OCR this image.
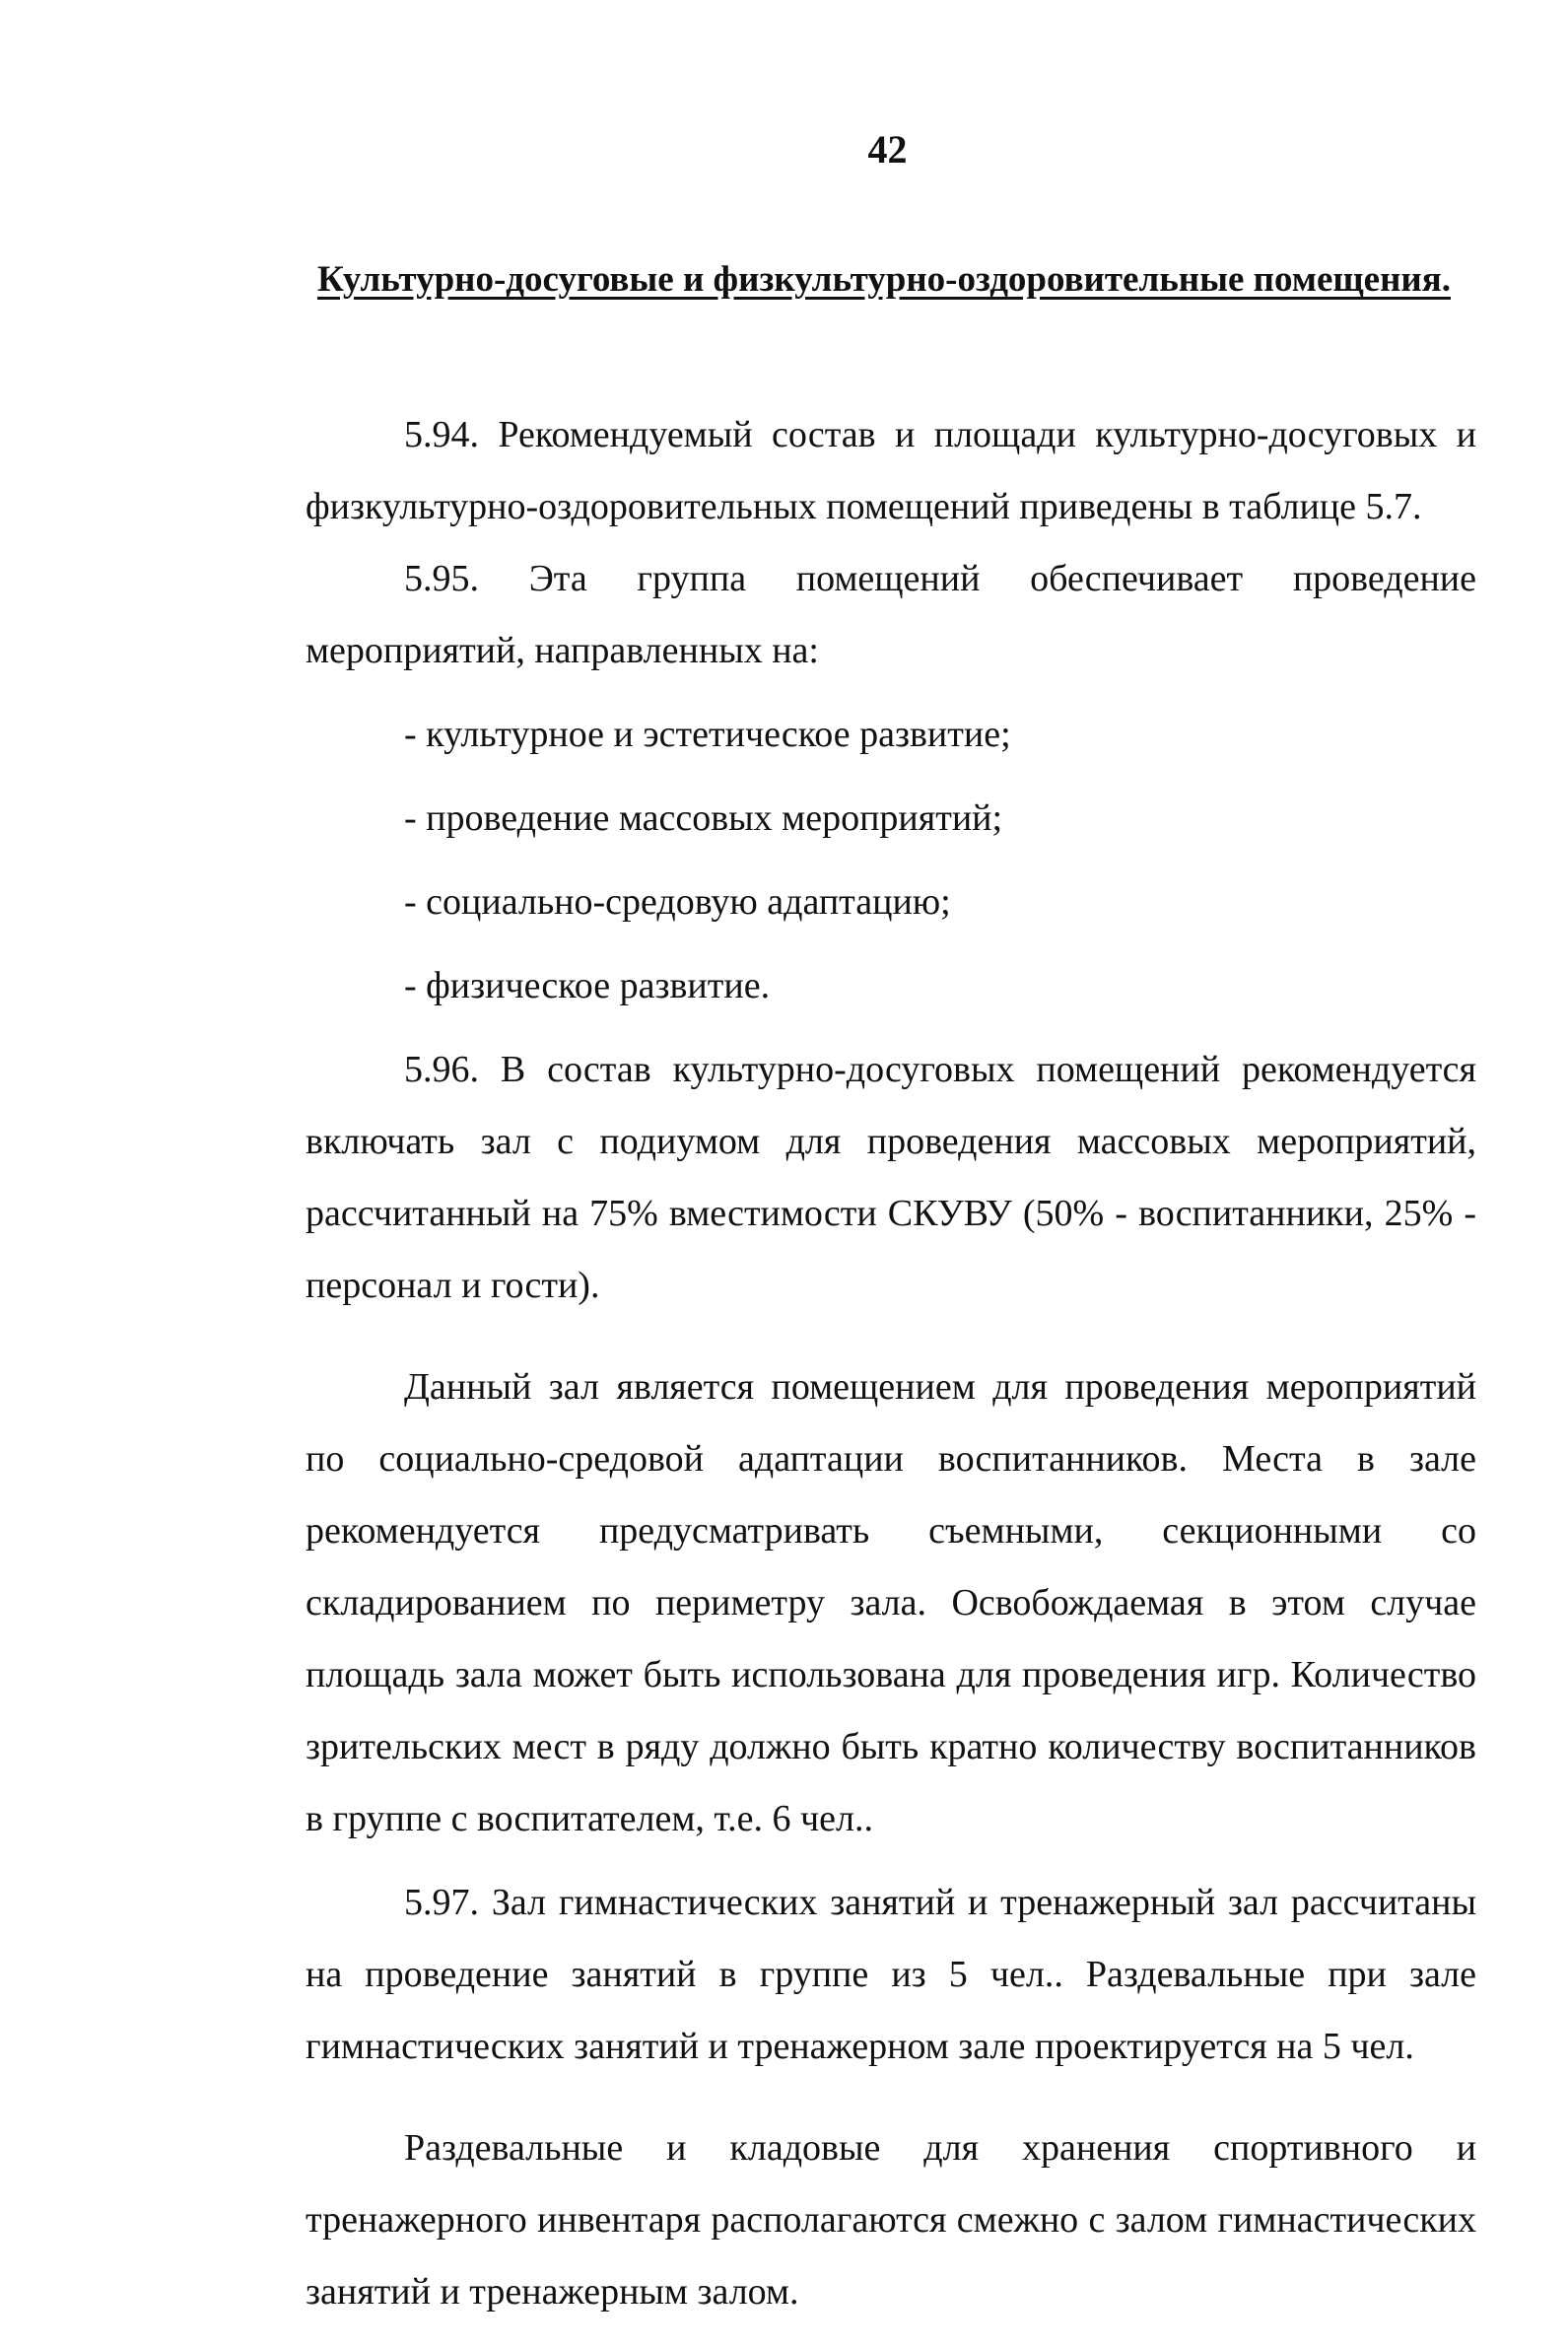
42
Культурно-досуговые и физкультурно-оздоровительные помещения.

5.94. Рекомендуемый состав и площади культурно-досуговых и физкультурно-оздоровительных помещений приведены в таблице 5.7.

5.95. Эта группа помещений обеспечивает проведение мероприятий, направленных на:

- культурное и эстетическое развитие;

- проведение массовых мероприятий;

- социально-средовую адаптацию;

- физическое развитие.

5.96. В состав культурно-досуговых помещений рекомендуется включать зал с подиумом для проведения массовых мероприятий, рассчитанный на 75% вместимости СКУВУ (50% - воспитанники, 25% - персонал и гости).

Данный зал является помещением для проведения мероприятий по социально-средовой адаптации воспитанников. Места в зале рекомендуется предусматривать съемными, секционными со складированием по периметру зала. Освобождаемая в этом случае площадь зала может быть использована для проведения игр. Количество зрительских мест в ряду должно быть кратно количеству воспитанников в группе с воспитателем, т.е. 6 чел..

5.97. Зал гимнастических занятий и тренажерный зал рассчитаны на проведение занятий в группе из 5 чел.. Раздевальные при зале гимнастических занятий и тренажерном зале проектируется на 5 чел.

Раздевальные и кладовые для хранения спортивного и тренажерного инвентаря располагаются смежно с залом гимнастических занятий и тренажерным залом.
